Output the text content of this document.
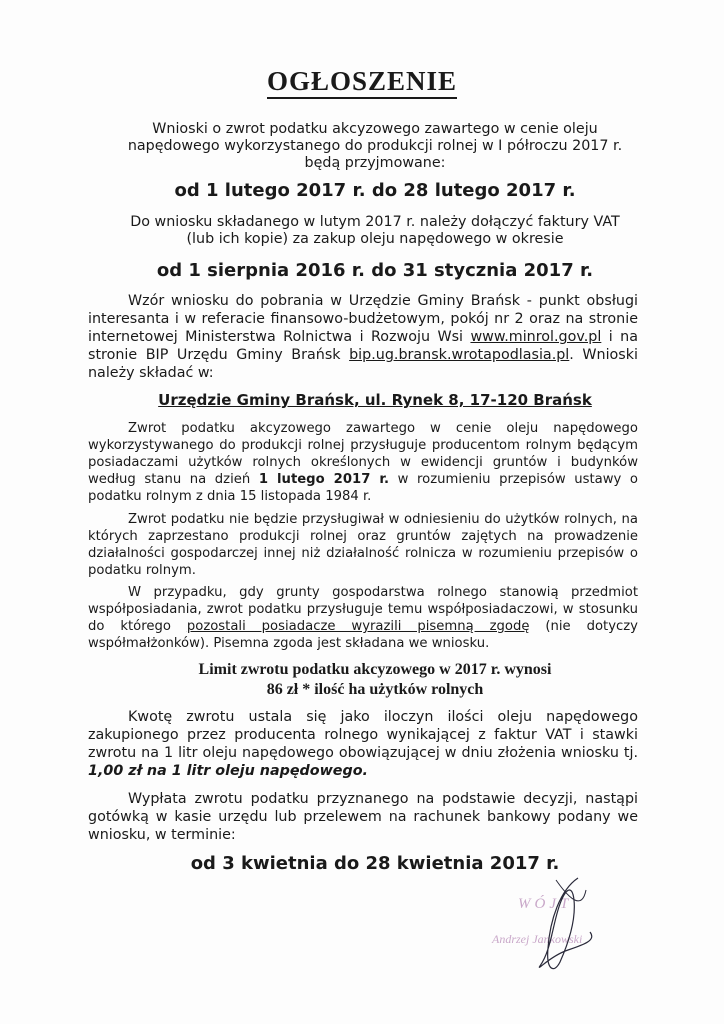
OGŁOSZENIE
Wnioski o zwrot podatku akcyzowego zawartego w cenie oleju
napędowego wykorzystanego do produkcji rolnej w I półroczu 2017 r.
będą przyjmowane:
od 1 lutego 2017 r. do 28 lutego 2017 r.
Do wniosku składanego w lutym 2017 r. należy dołączyć faktury VAT
(lub ich kopie) za zakup oleju napędowego w okresie
od 1 sierpnia 2016 r. do 31 stycznia 2017 r.
Wzór wniosku do pobrania w Urzędzie Gminy Brańsk - punkt obsługi interesanta i w referacie finansowo-budżetowym, pokój nr 2 oraz na stronie internetowej Ministerstwa Rolnictwa i Rozwoju Wsi www.minrol.gov.pl i na stronie BIP Urzędu Gminy Brańsk bip.ug.bransk.wrotapodlasia.pl. Wnioski należy składać w:
Urzędzie Gminy Brańsk, ul. Rynek 8, 17-120 Brańsk
Zwrot podatku akcyzowego zawartego w cenie oleju napędowego wykorzystywanego do produkcji rolnej przysługuje producentom rolnym będącym posiadaczami użytków rolnych określonych w ewidencji gruntów i budynków według stanu na dzień 1 lutego 2017 r. w rozumieniu przepisów ustawy o podatku rolnym z dnia 15 listopada 1984 r.
Zwrot podatku nie będzie przysługiwał w odniesieniu do użytków rolnych, na których zaprzestano produkcji rolnej oraz gruntów zajętych na prowadzenie działalności gospodarczej innej niż działalność rolnicza w rozumieniu przepisów o podatku rolnym.
W przypadku, gdy grunty gospodarstwa rolnego stanowią przedmiot współposiadania, zwrot podatku przysługuje temu współposiadaczowi, w stosunku do którego pozostali posiadacze wyrazili pisemną zgodę (nie dotyczy współmałżonków). Pisemna zgoda jest składana we wniosku.
Limit zwrotu podatku akcyzowego w 2017 r. wynosi
86 zł * ilość ha użytków rolnych
Kwotę zwrotu ustala się jako iloczyn ilości oleju napędowego zakupionego przez producenta rolnego wynikającej z faktur VAT i stawki zwrotu na 1 litr oleju napędowego obowiązującej w dniu złożenia wniosku tj. 1,00 zł na 1 litr oleju napędowego.
Wypłata zwrotu podatku przyznanego na podstawie decyzji, nastąpi gotówką w kasie urzędu lub przelewem na rachunek bankowy podany we wniosku, w terminie:
od 3 kwietnia do 28 kwietnia 2017 r.
WÓJT
Andrzej Jankowski
